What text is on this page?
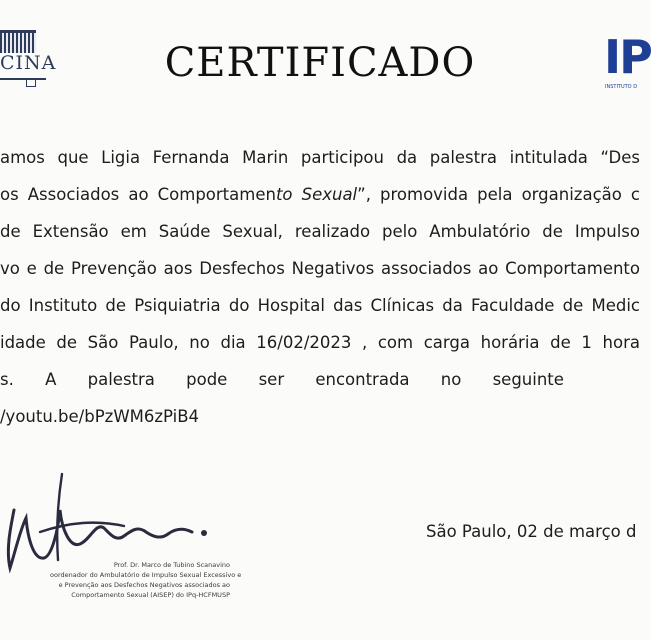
CINA	CERTIFICADO	IP
INSTITUTO D

amos que Ligia Fernanda Marin participou da palestra intitulada “Des

os Associados ao Comportamento Sexual”, promovida pela organização c

de Extensão em Saúde Sexual, realizado pelo Ambulatório de Impulso

vo e de Prevenção aos Desfechos Negativos associados ao Comportamento

do Instituto de Psiquiatria do Hospital das Clínicas da Faculdade de Medic

idade de São Paulo, no dia 16/02/2023 , com carga horária de 1 hora

s. A palestra pode ser encontrada no seguinte

/youtu.be/bPzWM6zPiB4

São Paulo, 02 de março d
Prof. Dr. Marco de Tubino Scanavino
oordenador do Ambulatório de Impulso Sexual Excessivo e
e Prevenção aos Desfechos Negativos associados ao
Comportamento Sexual (AISEP) do IPq-HCFMUSP
